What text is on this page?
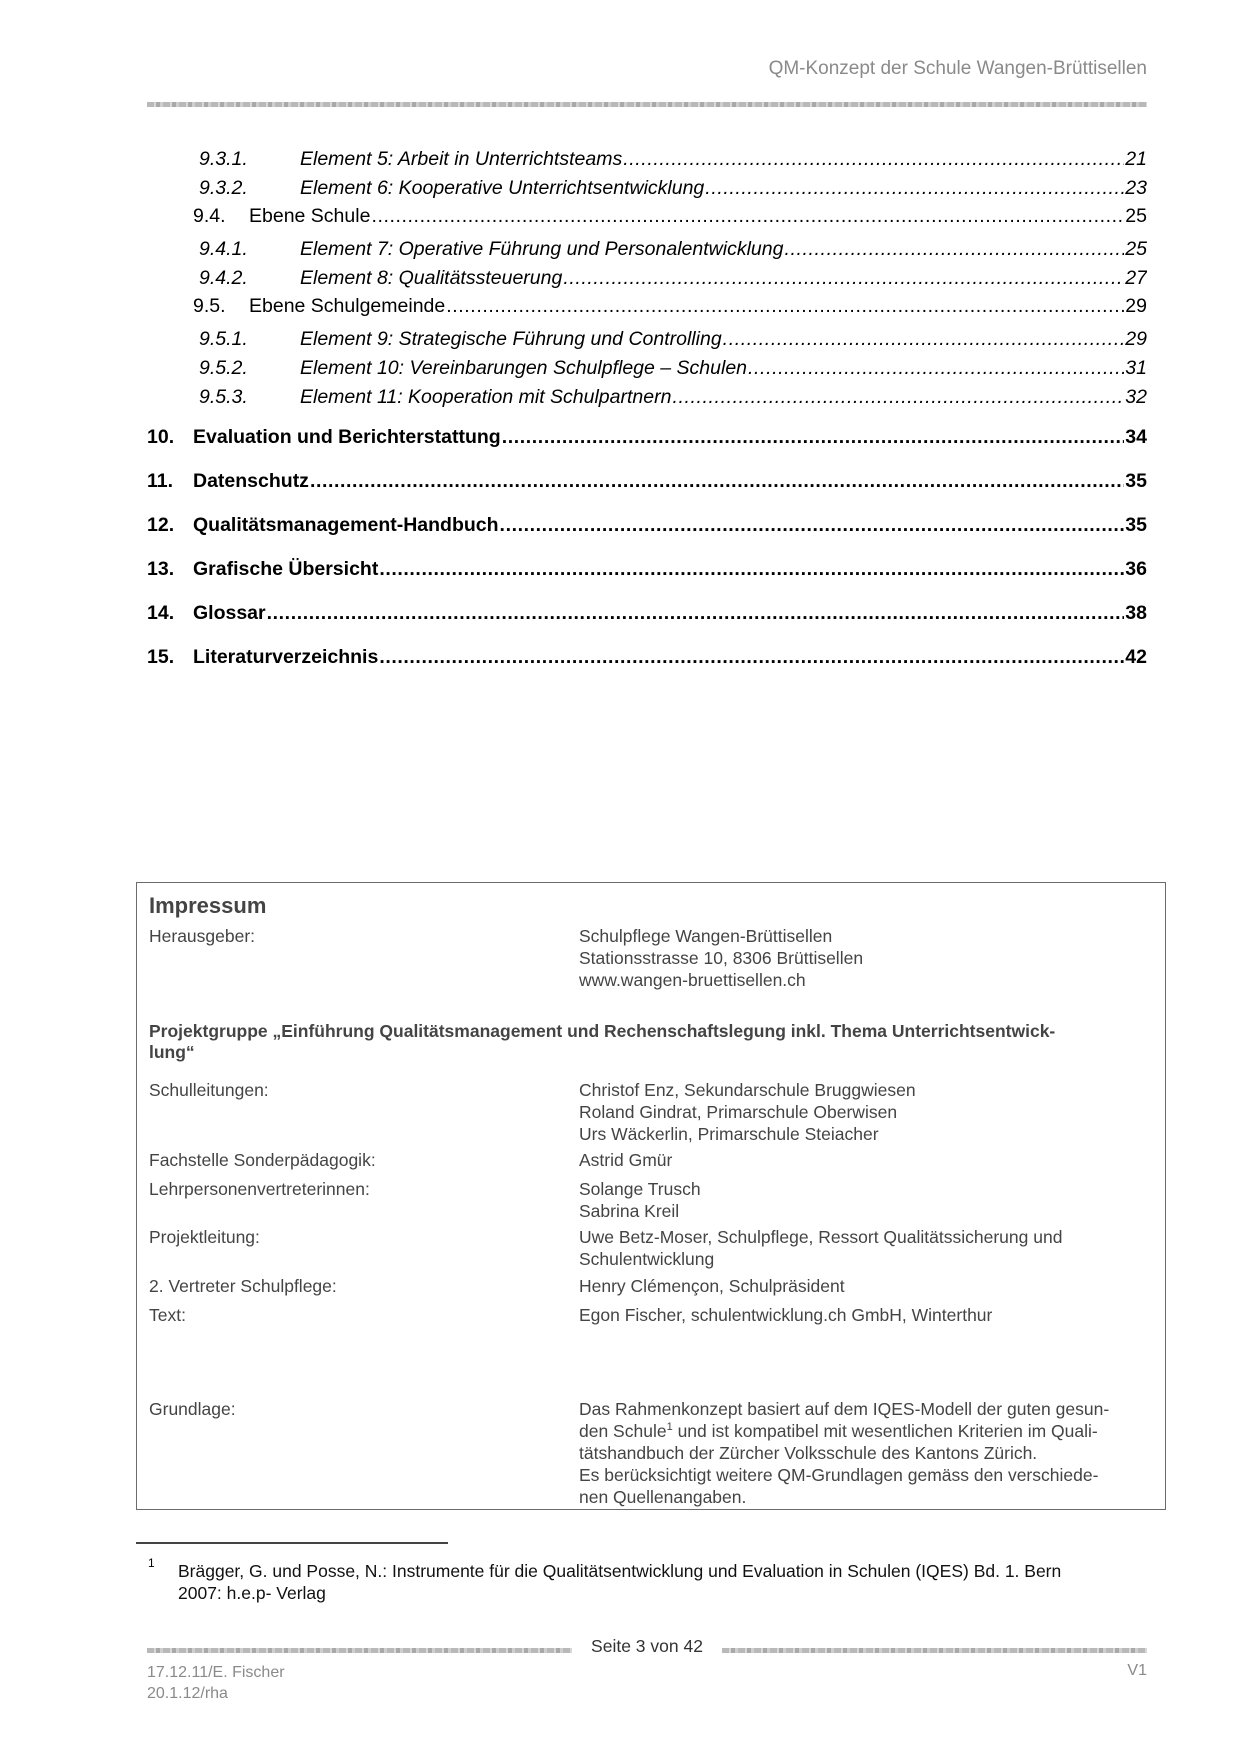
QM-Konzept der Schule Wangen-Brüttisellen
9.3.1.	Element 5: Arbeit in Unterrichtsteams .....	21
9.3.2.	Element 6: Kooperative Unterrichtsentwicklung .....	23
9.4.	Ebene Schule .....	25
9.4.1.	Element 7: Operative Führung und Personalentwicklung .....	25
9.4.2.	Element 8: Qualitätssteuerung .....	27
9.5.	Ebene Schulgemeinde .....	29
9.5.1.	Element 9: Strategische Führung und Controlling .....	29
9.5.2.	Element 10: Vereinbarungen Schulpflege – Schulen .....	31
9.5.3.	Element 11: Kooperation mit Schulpartnern .....	32
10. Evaluation und Berichterstattung .....	34
11.	Datenschutz .....	35
12. Qualitätsmanagement-Handbuch .....	35
13. Grafische Übersicht .....	36
14. Glossar .....	38
15. Literaturverzeichnis .....	42
Impressum
Herausgeber:	Schulpflege Wangen-Brüttisellen
Stationsstrasse 10, 8306 Brüttisellen
www.wangen-bruettisellen.ch
Projektgruppe „Einführung Qualitätsmanagement und Rechenschaftslegung inkl. Thema Unterrichtsentwick-
lung“
Schulleitungen:	Christof Enz, Sekundarschule Bruggwiesen
Roland Gindrat, Primarschule Oberwisen
Urs Wäckerlin, Primarschule Steiacher
Fachstelle Sonderpädagogik:	Astrid Gmür
Lehrpersonenvertreterinnen:	Solange Trusch
Sabrina Kreil
Projektleitung:	Uwe Betz-Moser, Schulpflege, Ressort Qualitätssicherung und
Schulentwicklung
2. Vertreter Schulpflege:	Henry Clémençon, Schulpräsident
Text:	Egon Fischer, schulentwicklung.ch GmbH, Winterthur
Grundlage:	Das Rahmenkonzept basiert auf dem IQES-Modell der guten gesun-
den Schule$^1$ und ist kompatibel mit wesentlichen Kriterien im Quali-
tätshandbuch der Zürcher Volksschule des Kantons Zürich.
Es berücksichtigt weitere QM-Grundlagen gemäss den verschiede-
nen Quellenangaben.
1 Brägger, G. und Posse, N.: Instrumente für die Qualitätsentwicklung und Evaluation in Schulen (IQES) Bd. 1. Bern
2007: h.e.p- Verlag
Seite 3 von 42
17.12.11/E. Fischer
20.1.12/rha
V1
